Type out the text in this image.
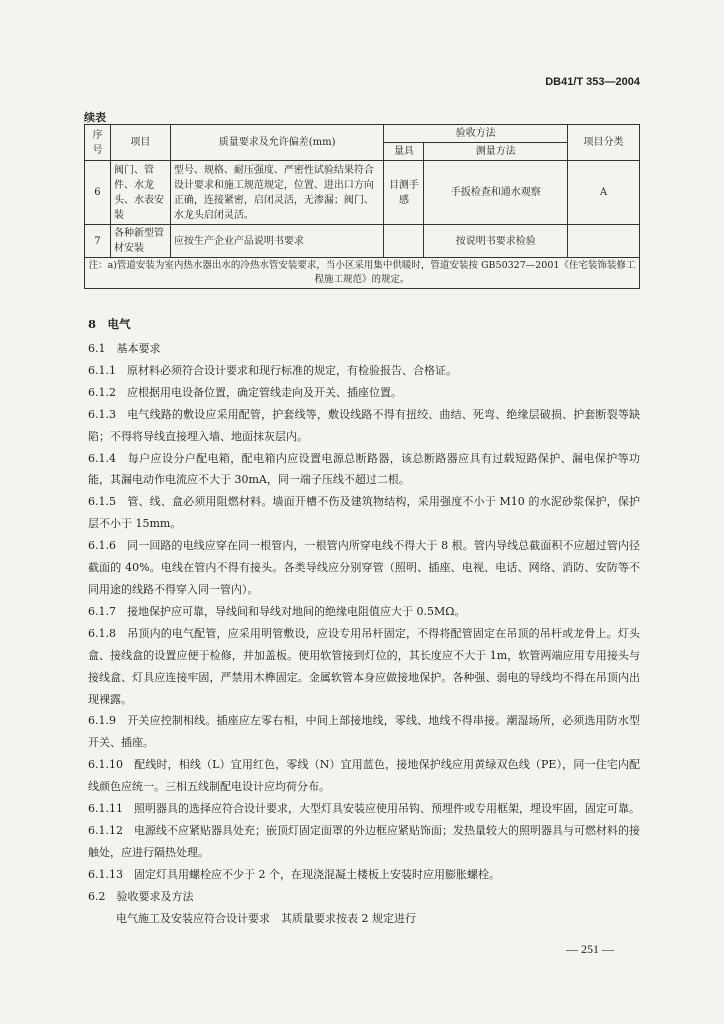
DB41/T 353—2004
续表
序号	项目	质量要求及允许偏差(mm)	验收方法		项目分类
			量具	测量方法	
6	阀门、管件、水龙头、水表安装	型号、规格、耐压强度、严密性试验结果符合设计要求和施工规范规定，位置、进出口方向正确，连接紧密，启闭灵活，无渗漏；阀门、水龙头启闭灵活。	目测手感	手扳检查和通水观察	A
7	各种新型管材安装	应按生产企业产品说明书要求		按说明书要求检验	
注：a)管道安装为室内热水器出水的冷热水管安装要求，当小区采用集中供暖时，管道安装按 GB50327—2001《住宅装饰装修工程施工规范》的规定。					
8　电气

6.1　基本要求

6.1.1　原材料必须符合设计要求和现行标准的规定，有检验报告、合格证。

6.1.2　应根据用电设备位置，确定管线走向及开关、插座位置。

6.1.3　电气线路的敷设应采用配管，护套线等，敷设线路不得有扭绞、曲结、死弯、绝缘层破损、护套断裂等缺陷；不得将导线直接埋入墙、地面抹灰层内。

6.1.4　每户应设分户配电箱，配电箱内应设置电源总断路器，该总断路器应具有过载短路保护、漏电保护等功能，其漏电动作电流应不大于 30mA，同一端子压线不超过二根。

6.1.5　管、线、盒必须用阻燃材料。墙面开槽不伤及建筑物结构，采用强度不小于 M10 的水泥砂浆保护，保护层不小于 15mm。

6.1.6　同一回路的电线应穿在同一根管内，一根管内所穿电线不得大于 8 根。管内导线总截面积不应超过管内径截面的 40%。电线在管内不得有接头。各类导线应分别穿管（照明、插座、电视、电话、网络、消防、安防等不同用途的线路不得穿入同一管内）。

6.1.7　接地保护应可靠，导线间和导线对地间的绝缘电阻值应大于 0.5MΩ。

6.1.8　吊顶内的电气配管，应采用明管敷设，应设专用吊杆固定，不得将配管固定在吊顶的吊杆或龙骨上。灯头盒、接线盒的设置应便于检修，并加盖板。使用软管接到灯位的，其长度应不大于 1m，软管两端应用专用接头与接线盒、灯具应连接牢固，严禁用木榫固定。金属软管本身应做接地保护。各种强、弱电的导线均不得在吊顶内出现裸露。

6.1.9　开关应控制相线。插座应左零右相，中间上部接地线，零线、地线不得串接。潮湿场所，必须选用防水型开关、插座。

6.1.10　配线时，相线（L）宜用红色，零线（N）宜用蓝色，接地保护线应用黄绿双色线（PE），同一住宅内配线颜色应统一。三相五线制配电设计应均荷分布。

6.1.11　照明器具的选择应符合设计要求，大型灯具安装应使用吊钩、预埋件或专用框架，埋设牢固，固定可靠。

6.1.12　电源线不应紧贴器具处充；嵌顶灯固定面罩的外边框应紧贴饰面；发热量较大的照明器具与可燃材料的接触处，应进行隔热处理。

6.1.13　固定灯具用螺栓应不少于 2 个，在现浇混凝土楼板上安装时应用膨胀螺栓。

6.2　验收要求及方法

电气施工及安装应符合设计要求　其质量要求按表 2 规定进行

— 251 —
